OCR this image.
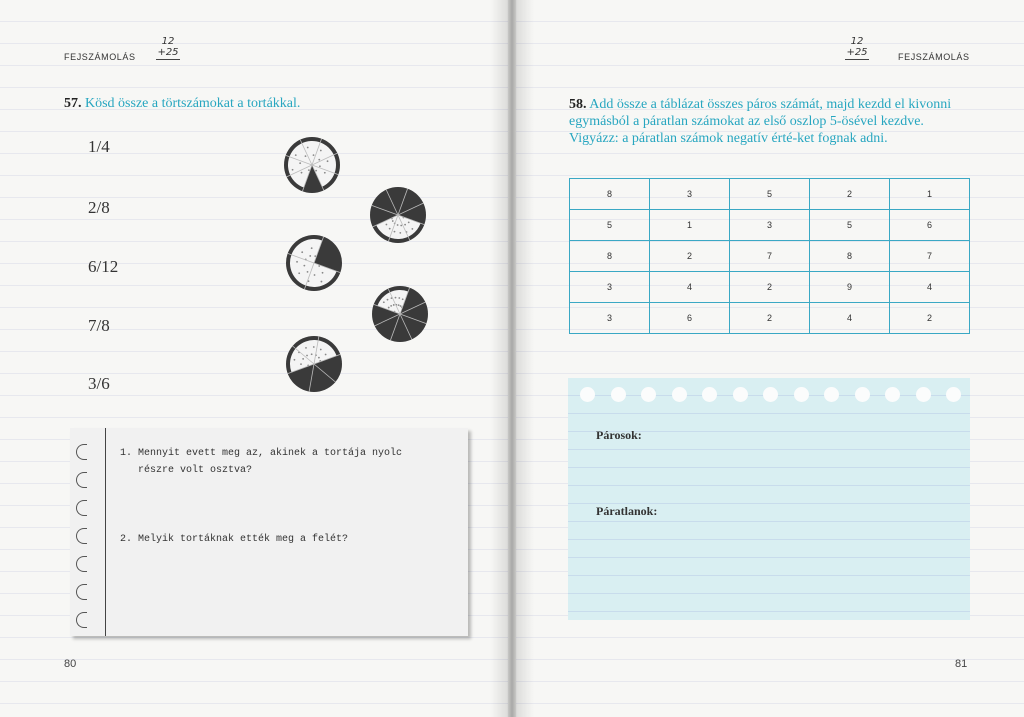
FEJSZÁMOLÁS
12
+25
57. Kösd össze a törtszámokat a tortákkal.
1/4
2/8
6/12
7/8
3/6
1. Mennyit evett meg az, akinek a tortája nyolc
részre volt osztva?
2. Melyik tortáknak ették meg a felét?
80
12
+25	FEJSZÁMOLÁS
58. Add össze a táblázat összes páros számát, majd kezdd el kivonni egymásból a páratlan számokat az első oszlop 5-ösével kezdve. Vigyázz: a páratlan számok negatív érté-ket fognak adni.
8	3	5	2	1
5	1	3	5	6
8	2	7	8	7
3	4	2	9	4
3	6	2	4	2
Párosok:
Páratlanok:
81
